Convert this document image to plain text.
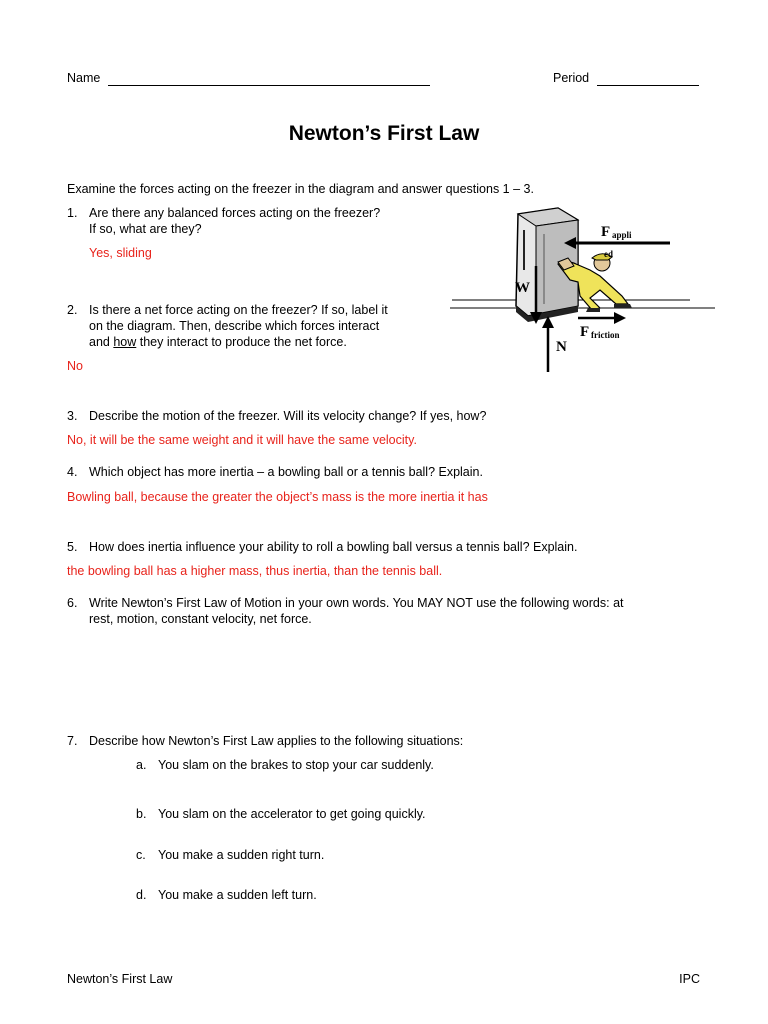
Name	Period
Newton’s First Law
Examine the forces acting on the freezer in the diagram and answer questions 1 – 3.
1. Are there any balanced forces acting on the freezer?
If so, what are they?
Yes, sliding
2. Is there a net force acting on the freezer? If so, label it
on the diagram. Then, describe which forces interact
and how they interact to produce the net force.
No
F appli
ed
F friction
W
N
3. Describe the motion of the freezer. Will its velocity change? If yes, how?
No, it will be the same weight and it will have the same velocity.
4. Which object has more inertia – a bowling ball or a tennis ball? Explain.
Bowling ball, because the greater the object’s mass is the more inertia it has
5. How does inertia influence your ability to roll a bowling ball versus a tennis ball? Explain.
the bowling ball has a higher mass, thus inertia, than the tennis ball.
6. Write Newton’s First Law of Motion in your own words. You MAY NOT use the following words: at
rest, motion, constant velocity, net force.
7. Describe how Newton’s First Law applies to the following situations:
a. You slam on the brakes to stop your car suddenly.
b. You slam on the accelerator to get going quickly.
c. You make a sudden right turn.
d. You make a sudden left turn.
Newton’s First Law	IPC
